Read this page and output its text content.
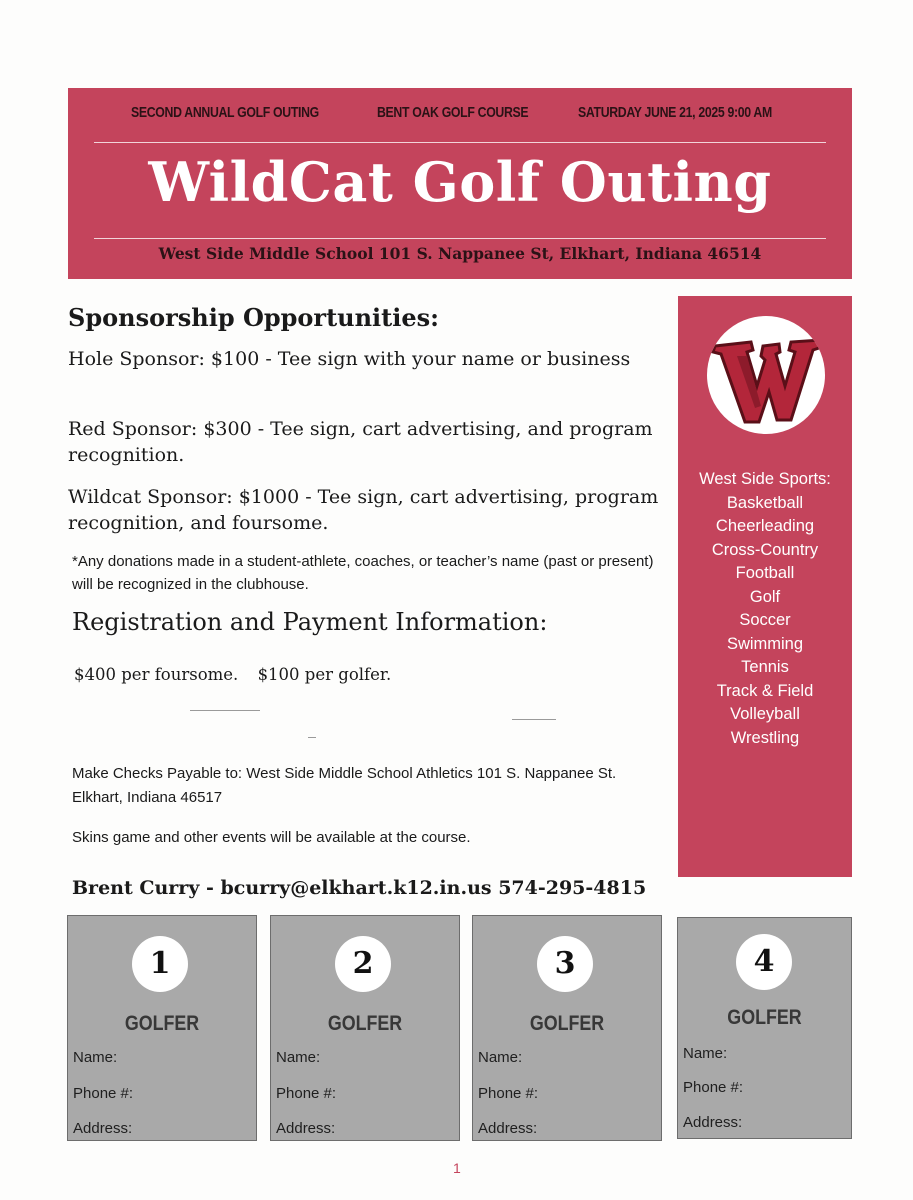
SECOND ANNUAL GOLF OUTING	BENT OAK GOLF COURSE	SATURDAY JUNE 21, 2025 9:00 AM
WildCat Golf Outing
West Side Middle School 101 S. Nappanee St, Elkhart, Indiana 46514
Sponsorship Opportunities:
Hole Sponsor: $100 - Tee sign with your name or business
Red Sponsor: $300 - Tee sign, cart advertising, and program recognition.
Wildcat Sponsor: $1000 - Tee sign, cart advertising, program recognition, and foursome.
*Any donations made in a student-athlete, coaches, or teacher’s name (past or present) will be recognized in the clubhouse.
Registration and Payment Information:
$400 per foursome. $100 per golfer.
Make Checks Payable to: West Side Middle School Athletics 101 S. Nappanee St. Elkhart, Indiana 46517
Skins game and other events will be available at the course.
Brent Curry - bcurry@elkhart.k12.in.us 574-295-4815
West Side Sports:
Basketball
Cheerleading
Cross-Country
Football
Golf
Soccer
Swimming
Tennis
Track & Field
Volleyball
Wrestling
1
GOLFER
Name:
Phone #:
Address:
2
GOLFER
Name:
Phone #:
Address:
3
GOLFER
Name:
Phone #:
Address:
4
GOLFER
Name:
Phone #:
Address:
1
